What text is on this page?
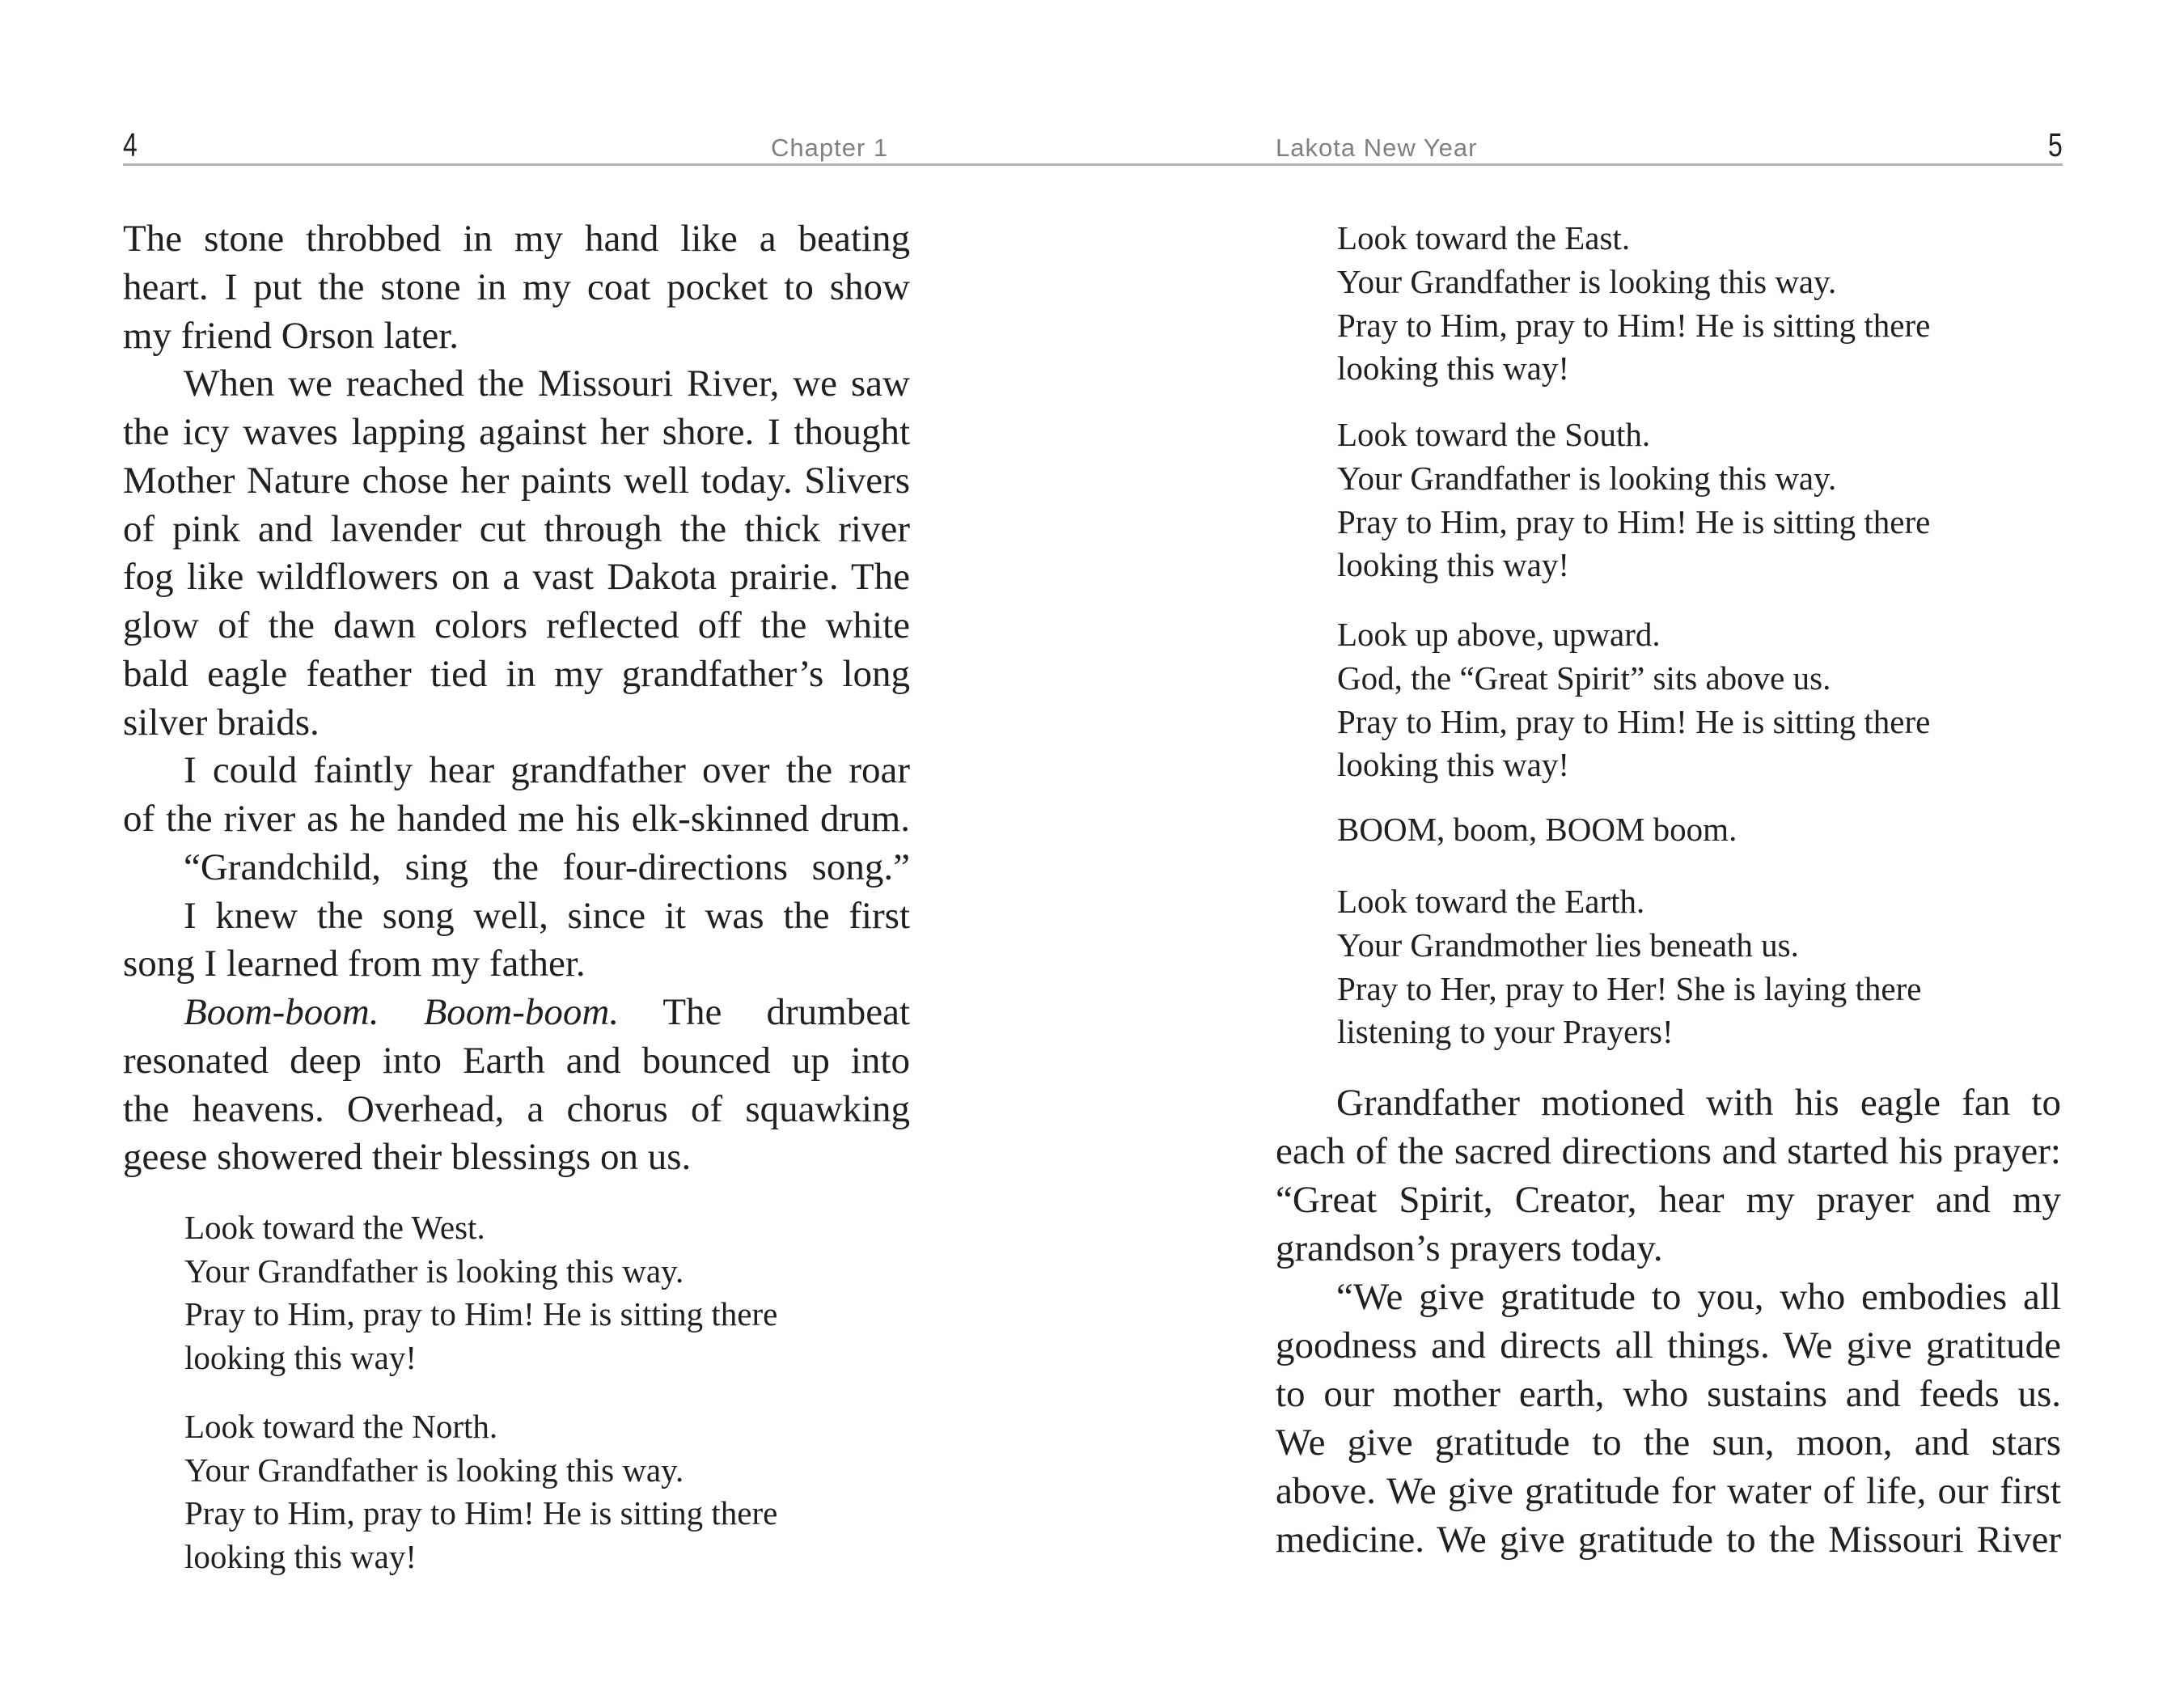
4	Chapter 1	Lakota New Year	5
The stone throbbed in my hand like a beating
heart. I put the stone in my coat pocket to show
my friend Orson later.
When we reached the Missouri River, we saw
the icy waves lapping against her shore. I thought
Mother Nature chose her paints well today. Slivers
of pink and lavender cut through the thick river
fog like wildflowers on a vast Dakota prairie. The
glow of the dawn colors reflected off the white
bald eagle feather tied in my grandfather’s long
silver braids.
I could faintly hear grandfather over the roar
of the river as he handed me his elk-skinned drum.
“Grandchild, sing the four-directions song.”
I knew the song well, since it was the first
song I learned from my father.
Boom-boom. Boom-boom. The drumbeat
resonated deep into Earth and bounced up into
the heavens. Overhead, a chorus of squawking
geese showered their blessings on us.
Look toward the West.
Your Grandfather is looking this way.
Pray to Him, pray to Him! He is sitting there
looking this way!
Look toward the North.
Your Grandfather is looking this way.
Pray to Him, pray to Him! He is sitting there
looking this way!
Look toward the East.
Your Grandfather is looking this way.
Pray to Him, pray to Him! He is sitting there
looking this way!
Look toward the South.
Your Grandfather is looking this way.
Pray to Him, pray to Him! He is sitting there
looking this way!
Look up above, upward.
God, the “Great Spirit” sits above us.
Pray to Him, pray to Him! He is sitting there
looking this way!
BOOM, boom, BOOM boom.
Look toward the Earth.
Your Grandmother lies beneath us.
Pray to Her, pray to Her! She is laying there
listening to your Prayers!
Grandfather motioned with his eagle fan to
each of the sacred directions and started his prayer:
“Great Spirit, Creator, hear my prayer and my
grandson’s prayers today.
“We give gratitude to you, who embodies all
goodness and directs all things. We give gratitude
to our mother earth, who sustains and feeds us.
We give gratitude to the sun, moon, and stars
above. We give gratitude for water of life, our first
medicine. We give gratitude to the Missouri River
